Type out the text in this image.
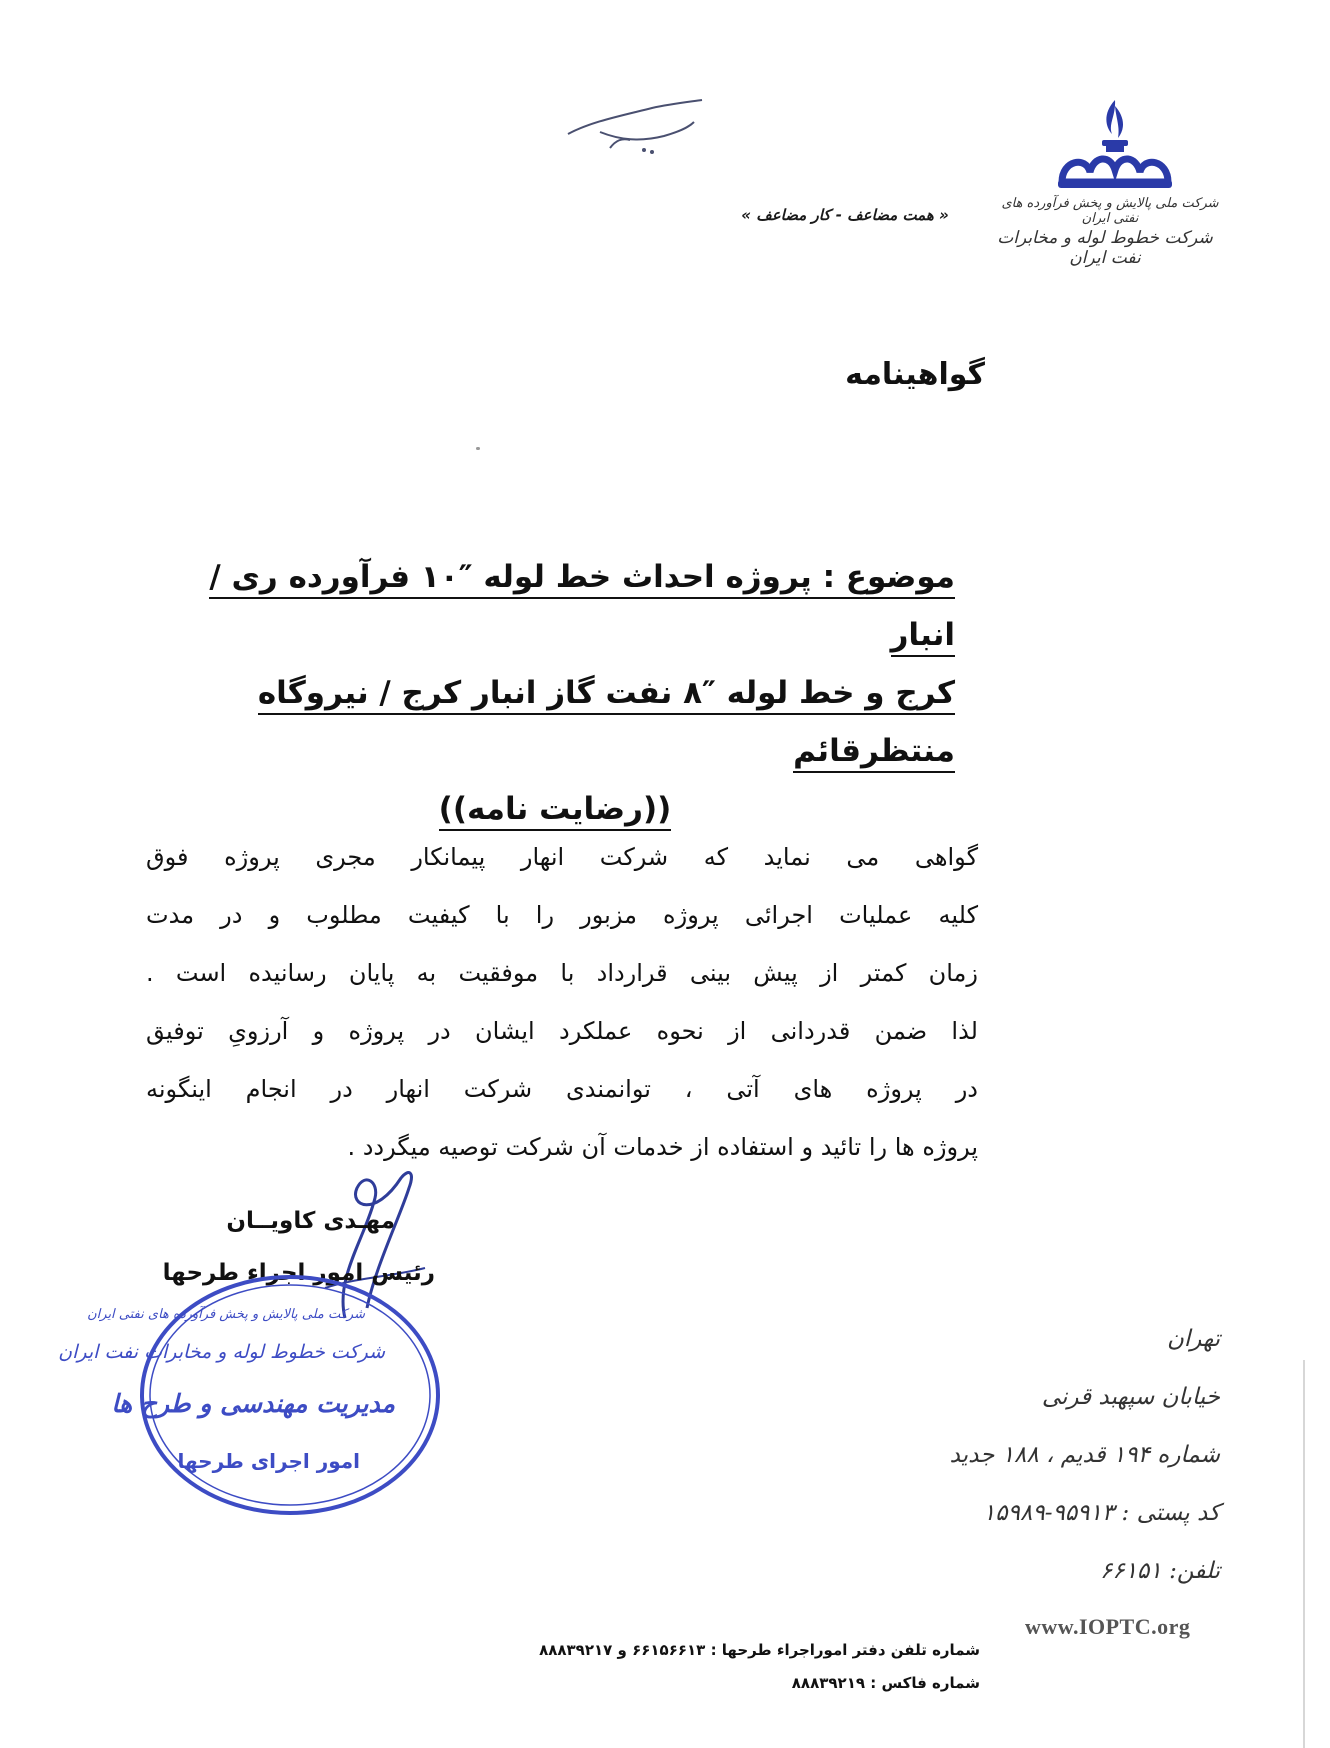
« همت مضاعف - کار مضاعف »
شرکت ملی پالایش و پخش فرآورده های نفتی ایران
شرکت خطوط لوله و مخابرات نفت ایران
گواهینامه
موضوع : پروژه احداث خط لوله ″۱۰ فرآورده ری / انبار
کرج و خط لوله ″۸ نفت گاز انبار کرج / نیروگاه منتظرقائم
((رضایت نامه))
گواهی می نماید که شرکت انهار پیمانکار مجری پروژه فوق
کلیه عملیات اجرائی پروژه مزبور را با کیفیت مطلوب و در مدت
زمان کمتر از پیش بینی قرارداد با موفقیت به پایان رسانیده است .
لذا ضمن قدردانی از نحوه عملکرد ایشان در پروژه و آرزویِ توفیق
در پروژه های آتی ، توانمندی شرکت انهار در انجام اینگونه
پروژه ها را تائید و استفاده از خدمات آن شرکت توصیه میگردد .
مهـدی کاویــان
رئیس امور اجراء طرحها
شرکت ملی پالایش و پخش فرآورده های نفتی ایران
شرکت خطوط لوله و مخابرات نفت ایران
مدیریت مهندسی و طرح ها
امور اجرای طرحها
تهران
خیابان سپهبد قرنی
شماره ۱۹۴ قدیم ، ۱۸۸ جدید
کد پستی : ۹۵۹۱۳-۱۵۹۸۹
تلفن: ۶۶۱۵۱
www.IOPTC.org
شماره تلفن دفتر اموراجراء طرحها : ۶۶۱۵۶۶۱۳ و ۸۸۸۳۹۲۱۷
شماره فاکس : ۸۸۸۳۹۲۱۹
